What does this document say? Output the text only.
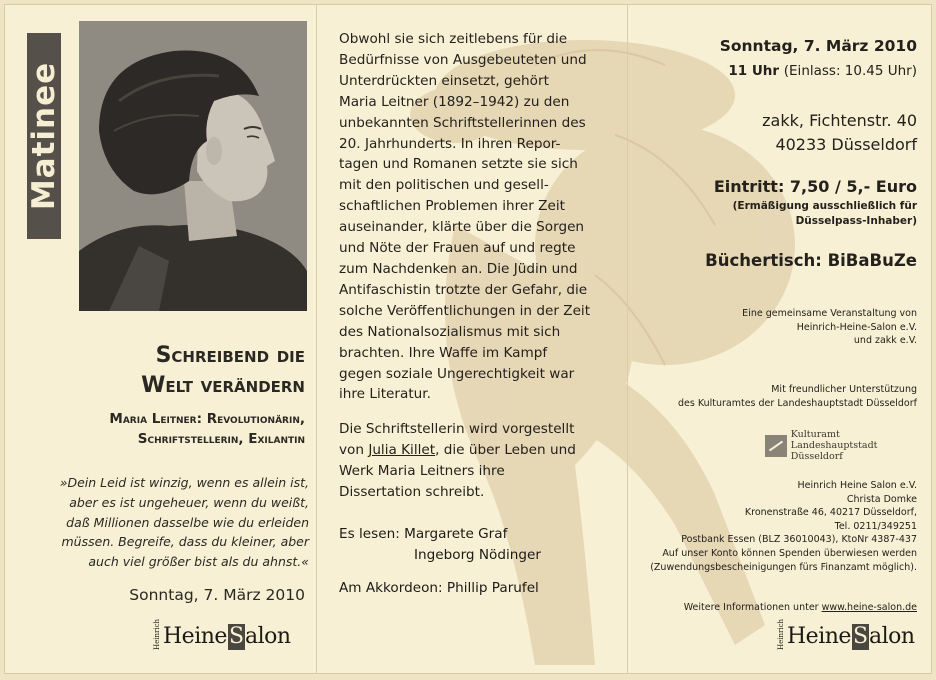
Matinee
Schreibend die
Welt verändern
Maria Leitner: Revolutionärin,
Schriftstellerin, Exilantin
»Dein Leid ist winzig, wenn es allein ist,
aber es ist ungeheuer, wenn du weißt,
daß Millionen dasselbe wie du erleiden
müssen. Begreife, dass du kleiner, aber
auch viel größer bist als du ahnst.«
Sonntag, 7. März 2010
Heinrich Heine S alon

Obwohl sie sich zeitlebens für die
Bedürfnisse von Ausgebeuteten und
Unterdrückten einsetzt, gehört
Maria Leitner (1892–1942) zu den
unbekannten Schriftstellerinnen des
20. Jahrhunderts. In ihren Repor-
tagen und Romanen setzte sie sich
mit den politischen und gesell-
schaftlichen Problemen ihrer Zeit
auseinander, klärte über die Sorgen
und Nöte der Frauen auf und regte
zum Nachdenken an. Die Jüdin und
Antifaschistin trotzte der Gefahr, die
solche Veröffentlichungen in der Zeit
des Nationalsozialismus mit sich
brachten. Ihre Waffe im Kampf
gegen soziale Ungerechtigkeit war
ihre Literatur.

Die Schriftstellerin wird vorgestellt
von Julia Killet, die über Leben und
Werk Maria Leitners ihre
Dissertation schreibt.

Es lesen: Margarete Graf
Ingeborg Nödinger
Am Akkordeon: Phillip Parufel
Sonntag, 7. März 2010
11 Uhr (Einlass: 10.45 Uhr)
zakk, Fichtenstr. 40
40233 Düsseldorf
Eintritt: 7,50 / 5,- Euro
(Ermäßigung ausschließlich für
Düsselpass-Inhaber)
Büchertisch: BiBaBuZe
Eine gemeinsame Veranstaltung von
Heinrich-Heine-Salon e.V.
und zakk e.V.
Mit freundlicher Unterstützung
des Kulturamtes der Landeshauptstadt Düsseldorf
Kulturamt
Landeshauptstadt Düsseldorf
Heinrich Heine Salon e.V.
Christa Domke
Kronenstraße 46, 40217 Düsseldorf,
Tel. 0211/349251
Postbank Essen (BLZ 36010043), KtoNr 4387-437
Auf unser Konto können Spenden überwiesen werden
(Zuwendungsbescheinigungen fürs Finanzamt möglich).
Weitere Informationen unter www.heine-salon.de
Heinrich Heine S alon
